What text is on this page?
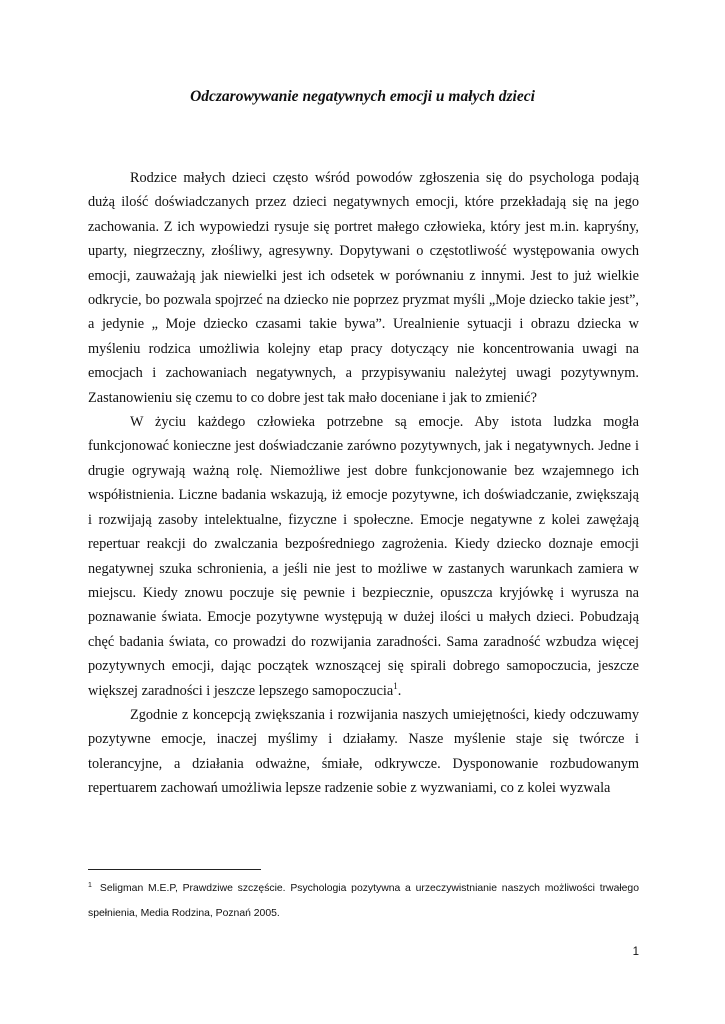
Odczarowywanie negatywnych emocji u małych dzieci

Rodzice małych dzieci często wśród powodów zgłoszenia się do psychologa podają dużą ilość doświadczanych przez dzieci negatywnych emocji, które przekładają się na jego zachowania. Z ich wypowiedzi rysuje się portret małego człowieka, który jest m.in. kapryśny, uparty, niegrzeczny, złośliwy, agresywny. Dopytywani o częstotliwość występowania owych emocji, zauważają jak niewielki jest ich odsetek w porównaniu z innymi. Jest to już wielkie odkrycie, bo pozwala spojrzeć na dziecko nie poprzez pryzmat myśli „Moje dziecko takie jest”, a jedynie „ Moje dziecko czasami takie bywa”. Urealnienie sytuacji i obrazu dziecka w myśleniu rodzica umożliwia kolejny etap pracy dotyczący nie koncentrowania uwagi na emocjach i zachowaniach negatywnych, a przypisywaniu należytej uwagi pozytywnym. Zastanowieniu się czemu to co dobre jest tak mało doceniane i jak to zmienić?

W życiu każdego człowieka potrzebne są emocje. Aby istota ludzka mogła funkcjonować konieczne jest doświadczanie zarówno pozytywnych, jak i negatywnych. Jedne i drugie ogrywają ważną rolę. Niemożliwe jest dobre funkcjonowanie bez wzajemnego ich współistnienia. Liczne badania wskazują, iż emocje pozytywne, ich doświadczanie, zwiększają i rozwijają zasoby intelektualne, fizyczne i społeczne. Emocje negatywne z kolei zawężają repertuar reakcji do zwalczania bezpośredniego zagrożenia. Kiedy dziecko doznaje emocji negatywnej szuka schronienia, a jeśli nie jest to możliwe w zastanych warunkach zamiera w miejscu. Kiedy znowu poczuje się pewnie i bezpiecznie, opuszcza kryjówkę i wyrusza na poznawanie świata. Emocje pozytywne występują w dużej ilości u małych dzieci. Pobudzają chęć badania świata, co prowadzi do rozwijania zaradności. Sama zaradność wzbudza więcej pozytywnych emocji, dając początek wznoszącej się spirali dobrego samopoczucia, jeszcze większej zaradności i jeszcze lepszego samopoczucia$^1$.

Zgodnie z koncepcją zwiększania i rozwijania naszych umiejętności, kiedy odczuwamy pozytywne emocje, inaczej myślimy i działamy. Nasze myślenie staje się twórcze i tolerancyjne, a działania odważne, śmiałe, odkrywcze. Dysponowanie rozbudowanym repertuarem zachowań umożliwia lepsze radzenie sobie z wyzwaniami, co z kolei wyzwala

$^1$ Seligman M.E.P, Prawdziwe szczęście. Psychologia pozytywna a urzeczywistnianie naszych możliwości trwałego spełnienia, Media Rodzina, Poznań 2005.

1
